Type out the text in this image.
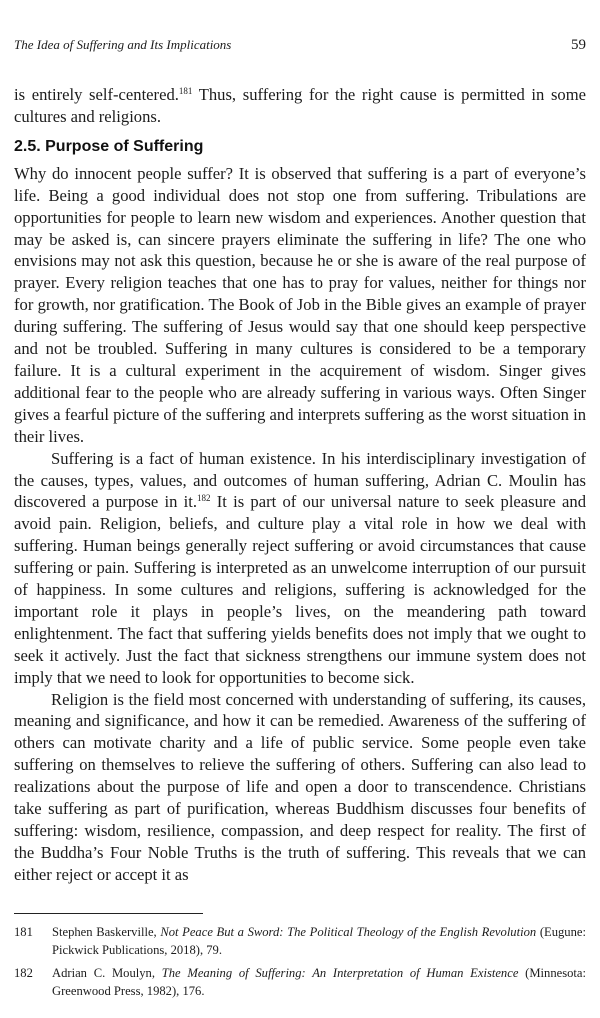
The Idea of Suffering and Its Implications	59

is entirely self-centered.$^{181}$ Thus, suffering for the right cause is permitted in some cultures and religions.

2.5. Purpose of Suffering

Why do innocent people suffer? It is observed that suffering is a part of everyone’s life. Being a good individual does not stop one from suffering. Tribulations are opportunities for people to learn new wisdom and experiences. Another question that may be asked is, can sincere prayers eliminate the suffering in life? The one who envisions may not ask this question, because he or she is aware of the real purpose of prayer. Every religion teaches that one has to pray for values, neither for things nor for growth, nor gratification. The Book of Job in the Bible gives an example of prayer during suffering. The suffering of Jesus would say that one should keep perspective and not be troubled. Suffering in many cultures is considered to be a temporary failure. It is a cultural experiment in the acquirement of wisdom. Singer gives additional fear to the people who are already suffering in various ways. Often Singer gives a fearful picture of the suffering and interprets suffering as the worst situation in their lives.

Suffering is a fact of human existence. In his interdisciplinary investigation of the causes, types, values, and outcomes of human suffering, Adrian C. Moulin has discovered a purpose in it.$^{182}$ It is part of our universal nature to seek pleasure and avoid pain. Religion, beliefs, and culture play a vital role in how we deal with suffering. Human beings generally reject suffering or avoid circumstances that cause suffering or pain. Suffering is interpreted as an unwelcome interruption of our pursuit of happiness. In some cultures and religions, suffering is acknowledged for the important role it plays in people’s lives, on the meandering path toward enlightenment. The fact that suffering yields benefits does not imply that we ought to seek it actively. Just the fact that sickness strengthens our immune system does not imply that we need to look for opportunities to become sick.

Religion is the field most concerned with understanding of suffering, its causes, meaning and significance, and how it can be remedied. Awareness of the suffering of others can motivate charity and a life of public service. Some people even take suffering on themselves to relieve the suffering of others. Suffering can also lead to realizations about the purpose of life and open a door to transcendence. Christians take suffering as part of purification, whereas Buddhism discusses four benefits of suffering: wisdom, resilience, compassion, and deep respect for reality. The first of the Buddha’s Four Noble Truths is the truth of suffering. This reveals that we can either reject or accept it as

181	Stephen Baskerville, Not Peace But a Sword: The Political Theology of the English Revolution (Eugune: Pickwick Publications, 2018), 79.
182	Adrian C. Moulyn, The Meaning of Suffering: An Interpretation of Human Existence (Minnesota: Greenwood Press, 1982), 176.
